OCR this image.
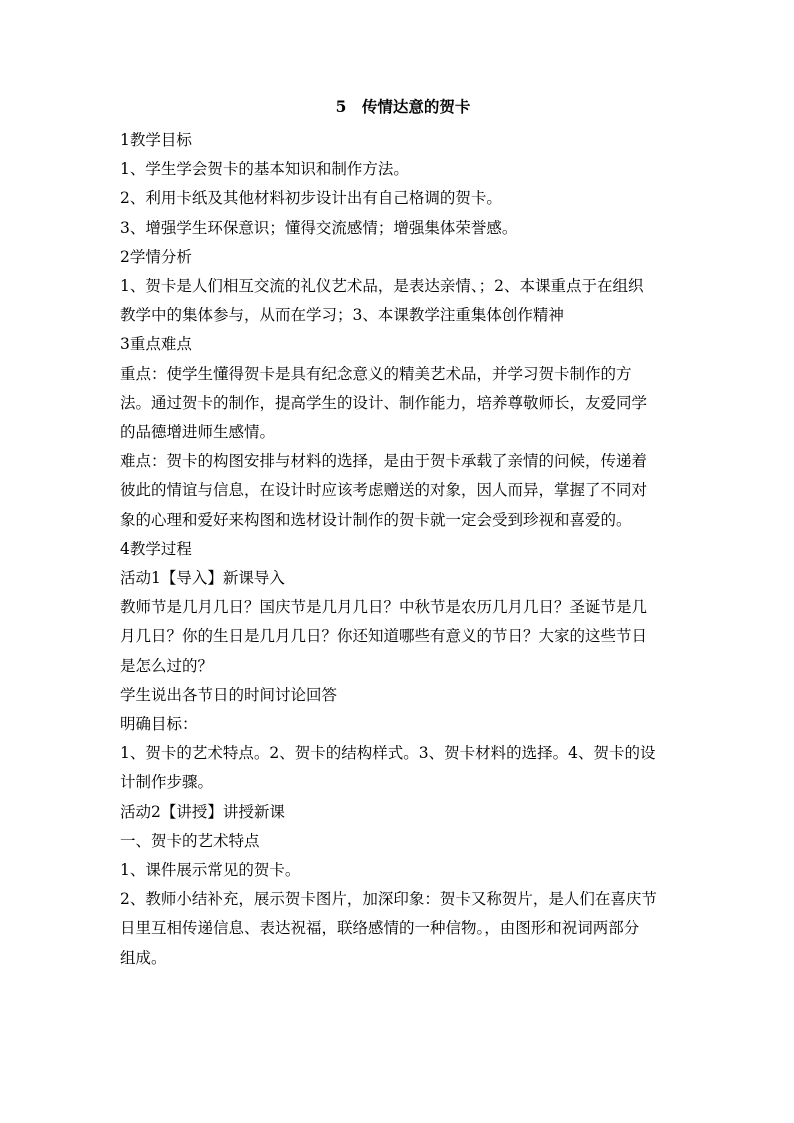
5　传情达意的贺卡
1教学目标
1、学生学会贺卡的基本知识和制作方法。
2、利用卡纸及其他材料初步设计出有自己格调的贺卡。
3、增强学生环保意识；懂得交流感情；增强集体荣誉感。
2学情分析
1、贺卡是人们相互交流的礼仪艺术品，是表达亲情、；2、本课重点于在组织
教学中的集体参与，从而在学习；3、本课教学注重集体创作精神
3重点难点
重点：使学生懂得贺卡是具有纪念意义的精美艺术品，并学习贺卡制作的方
法。通过贺卡的制作，提高学生的设计、制作能力，培养尊敬师长，友爱同学
的品德增进师生感情。
难点：贺卡的构图安排与材料的选择，是由于贺卡承载了亲情的问候，传递着
彼此的情谊与信息，在设计时应该考虑赠送的对象，因人而异，掌握了不同对
象的心理和爱好来构图和选材设计制作的贺卡就一定会受到珍视和喜爱的。
4教学过程
活动1【导入】新课导入
教师节是几月几日？国庆节是几月几日？中秋节是农历几月几日？圣诞节是几
月几日？你的生日是几月几日？你还知道哪些有意义的节日？大家的这些节日
是怎么过的？
学生说出各节日的时间讨论回答
明确目标：
1、贺卡的艺术特点。2、贺卡的结构样式。3、贺卡材料的选择。4、贺卡的设
计制作步骤。
活动2【讲授】讲授新课
一、贺卡的艺术特点
1、课件展示常见的贺卡。
2、教师小结补充，展示贺卡图片，加深印象：贺卡又称贺片，是人们在喜庆节
日里互相传递信息、表达祝福，联络感情的一种信物。，由图形和祝词两部分
组成。
